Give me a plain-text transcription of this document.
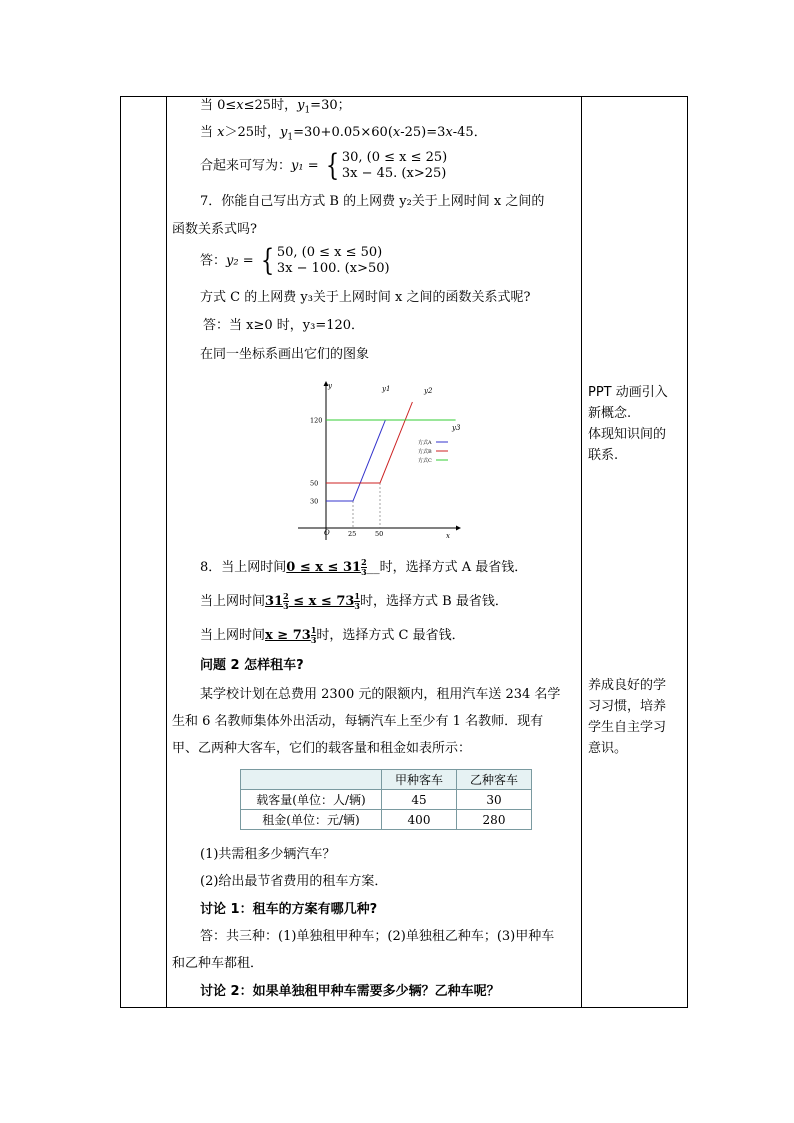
当 0≤x≤25时，$y_1=30$；
当 x＞25时，$y_1=30+0.05\times 60(x-25)=3x-45$．
合起来可写为：y₁ = { 30, (0 ≤ x ≤ 25)
3x − 45. (x>25)
7．你能自己写出方式 B 的上网费 y₂关于上网时间 x 之间的
函数关系式吗?
答：y₂ = { 50, (0 ≤ x ≤ 50)
3x − 100. (x>50)
方式 C 的上网费 y₃关于上网时间 x 之间的函数关系式呢?
答：当 x≥0 时，y₃=120．
在同一坐标系画出它们的图象
y
x
O	25	50
30
50
120
y1	y2
y3
方式A
方式B
方式C
8．当上网时间$0 \le x \le 31 \frac{2}{3}$ __时，选择方式 A 最省钱．
当上网时间$31 \frac{2}{3} \le x \le 73 \frac{1}{3}$ 时，选择方式 B 最省钱．
当上网时间$x \ge 73 \frac{1}{3}$ 时，选择方式 C 最省钱．
问题 2 怎样租车?
某学校计划在总费用 2300 元的限额内，租用汽车送 234 名学
生和 6 名教师集体外出活动，每辆汽车上至少有 1 名教师．现有
甲、乙两种大客车，它们的载客量和租金如表所示：
	甲种客车	乙种客车
载客量(单位：人/辆)	45	30
租金(单位：元/辆)	400	280
(1)共需租多少辆汽车？
(2)给出最节省费用的租车方案．
讨论 1：租车的方案有哪几种?
答：共三种：(1)单独租甲种车；(2)单独租乙种车；(3)甲种车
和乙种车都租．
讨论 2：如果单独租甲种车需要多少辆？乙种车呢？
PPT 动画引入
新概念.
体现知识间的
联系.
养成良好的学
习习惯，培养
学生自主学习
意识。
